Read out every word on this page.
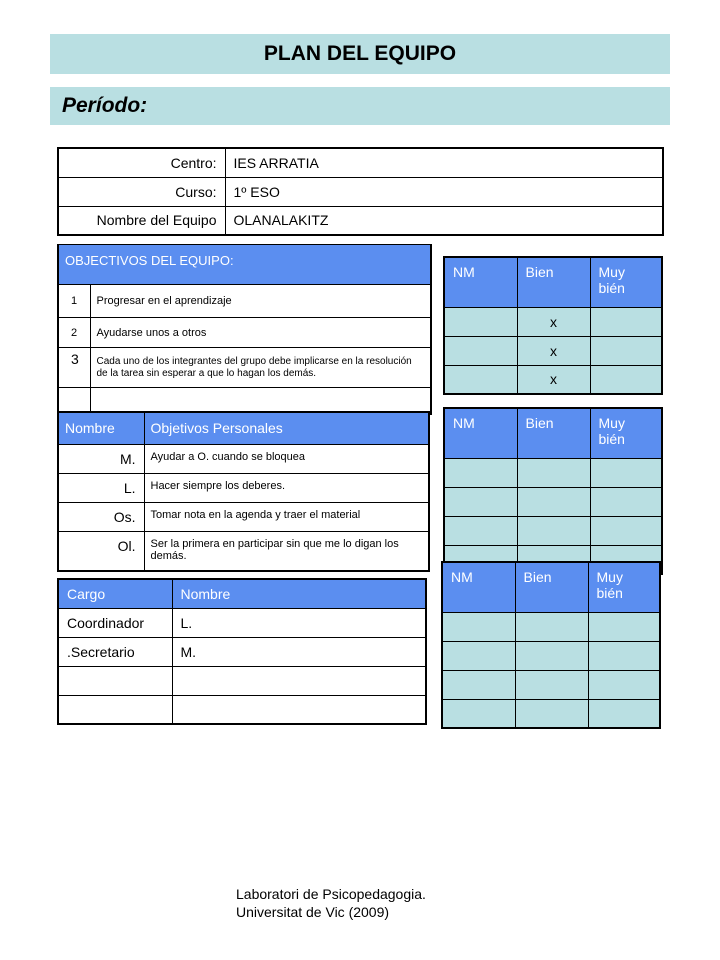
PLAN DEL EQUIPO
Período:
Centro:	IES ARRATIA
Curso:	1º ESO
Nombre del Equipo	OLANALAKITZ
OBJECTIVOS DEL EQUIPO:	
1	Progresar en el aprendizaje
2	Ayudarse unos a otros
3	Cada uno de los integrantes del grupo debe implicarse en la resolución de la tarea sin esperar a que lo hagan los demás.

Nombre	Objetivos Personales
M.	Ayudar a O. cuando se bloquea
L.	Hacer siempre los deberes.
Os.	Tomar nota en la agenda y traer el material
Ol.	Ser la primera en participar sin que me lo digan los demás.
Cargo	Nombre
Coordinador	L.
.Secretario	M.

NM	Bien	Muy bién
	x	
	x	
	x	
NM	Bien	Muy bién

NM	Bien	Muy bién

Laboratori de Psicopedagogia.
Universitat de Vic (2009)
